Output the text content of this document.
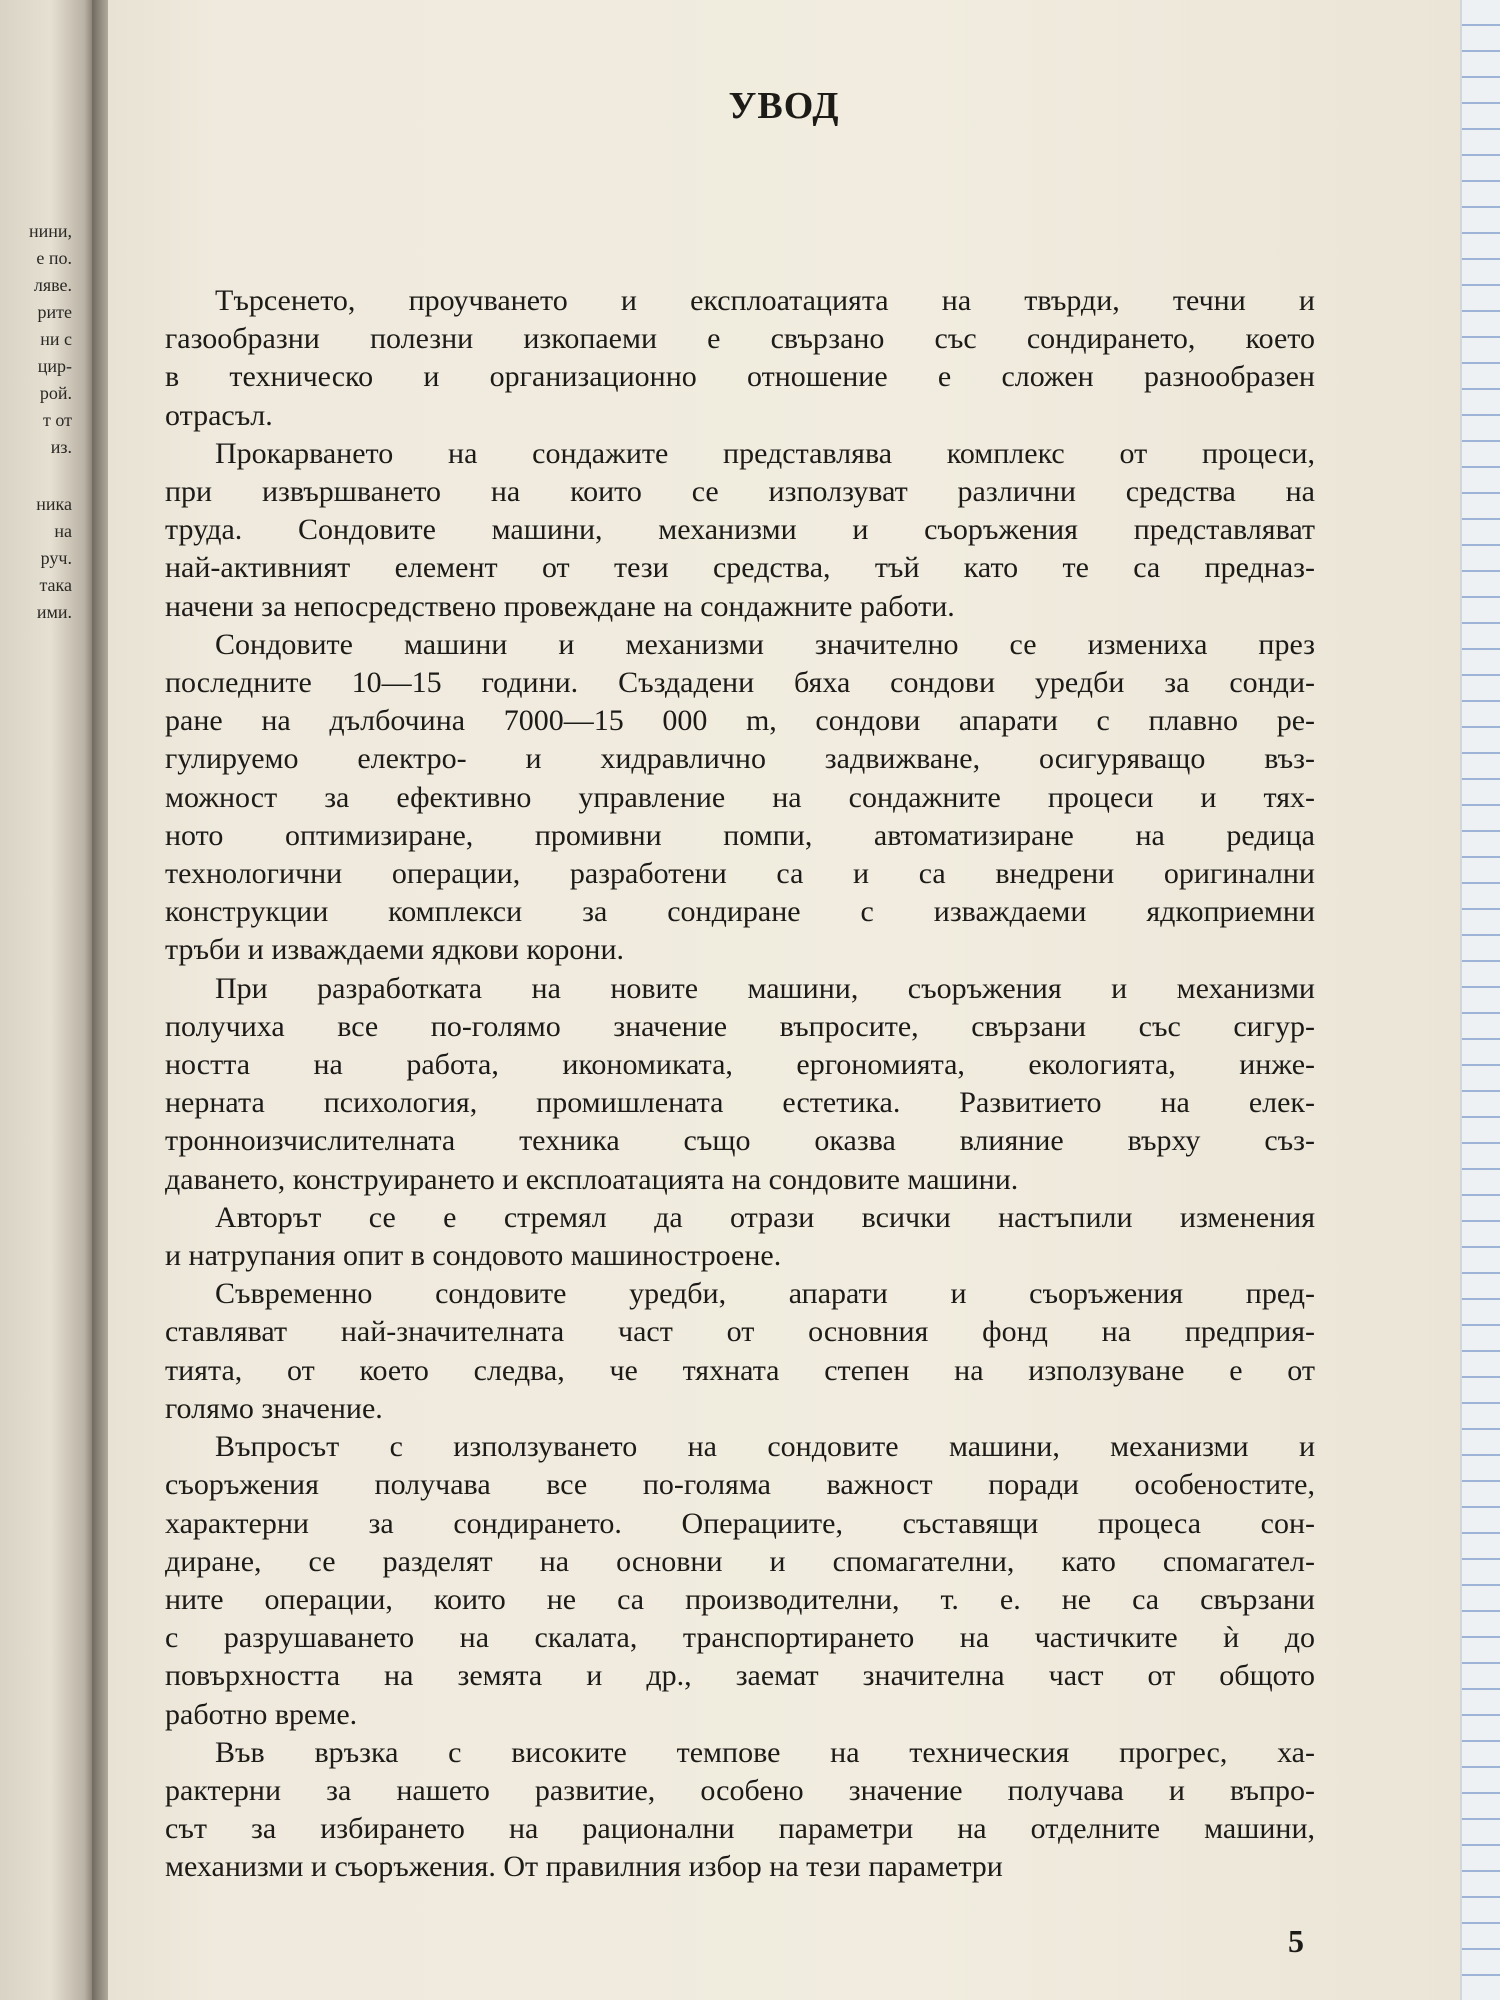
нини,
е по.
ляве.
рите
ни с
цир-
рой.
т от
из.
ника
на
руч.
така
ими.
УВОД
Търсенето, проучването и експлоатацията на твърди, течни и
газообразни полезни изкопаеми е свързано със сондирането, което
в техническо и организационно отношение е сложен разнообразен
отрасъл.
Прокарването на сондажите представлява комплекс от процеси,
при извършването на които се използуват различни средства на
труда. Сондовите машини, механизми и съоръжения представляват
най-активният елемент от тези средства, тъй като те са предназ-
начени за непосредствено провеждане на сондажните работи.
Сондовите машини и механизми значително се измениха през
последните 10—15 години. Създадени бяха сондови уредби за сонди-
ране на дълбочина 7000—15 000 m, сондови апарати с плавно ре-
гулируемо електро- и хидравлично задвижване, осигуряващо въз-
можност за ефективно управление на сондажните процеси и тях-
ното оптимизиране, промивни помпи, автоматизиране на редица
технологични операции, разработени са и са внедрени оригинални
конструкции комплекси за сондиране с изваждаеми ядкоприемни
тръби и изваждаеми ядкови корони.
При разработката на новите машини, съоръжения и механизми
получиха все по-голямо значение въпросите, свързани със сигур-
ността на работа, икономиката, ергономията, екологията, инже-
нерната психология, промишлената естетика. Развитието на елек-
тронноизчислителната техника също оказва влияние върху съз-
даването, конструирането и експлоатацията на сондовите машини.
Авторът се е стремял да отрази всички настъпили изменения
и натрупания опит в сондовото машиностроене.
Съвременно сондовите уредби, апарати и съоръжения пред-
ставляват най-значителната част от основния фонд на предприя-
тията, от което следва, че тяхната степен на използуване е от
голямо значение.
Въпросът с използуването на сондовите машини, механизми и
съоръжения получава все по-голяма важност поради особеностите,
характерни за сондирането. Операциите, съставящи процеса сон-
диране, се разделят на основни и спомагателни, като спомагател-
ните операции, които не са производителни, т. е. не са свързани
с разрушаването на скалата, транспортирането на частичките ѝ до
повърхността на земята и др., заемат значителна част от общото
работно време.
Във връзка с високите темпове на техническия прогрес, ха-
рактерни за нашето развитие, особено значение получава и въпро-
сът за избирането на рационални параметри на отделните машини,
механизми и съоръжения. От правилния избор на тези параметри
5
